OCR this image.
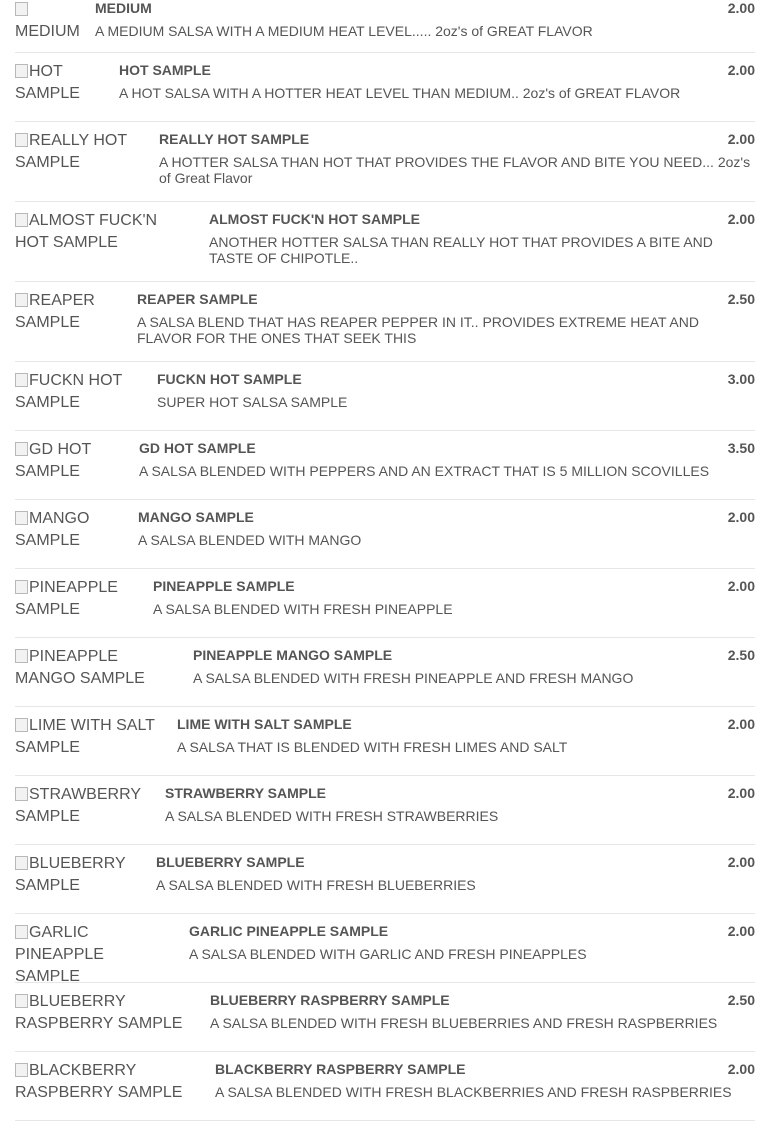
MEDIUM
MEDIUM	2.00
A MEDIUM SALSA WITH A MEDIUM HEAT LEVEL..... 2oz's of GREAT FLAVOR
HOT SAMPLE
HOT SAMPLE	2.00
A HOT SALSA WITH A HOTTER HEAT LEVEL THAN MEDIUM.. 2oz's of GREAT FLAVOR
REALLY HOT SAMPLE
REALLY HOT SAMPLE	2.00
A HOTTER SALSA THAN HOT THAT PROVIDES THE FLAVOR AND BITE YOU NEED... 2oz's of Great Flavor
ALMOST FUCK'N HOT SAMPLE
ALMOST FUCK'N HOT SAMPLE	2.00
ANOTHER HOTTER SALSA THAN REALLY HOT THAT PROVIDES A BITE AND TASTE OF CHIPOTLE..
REAPER SAMPLE
REAPER SAMPLE	2.50
A SALSA BLEND THAT HAS REAPER PEPPER IN IT.. PROVIDES EXTREME HEAT AND FLAVOR FOR THE ONES THAT SEEK THIS
FUCKN HOT SAMPLE
FUCKN HOT SAMPLE	3.00
SUPER HOT SALSA SAMPLE
GD HOT SAMPLE
GD HOT SAMPLE	3.50
A SALSA BLENDED WITH PEPPERS AND AN EXTRACT THAT IS 5 MILLION SCOVILLES
MANGO SAMPLE
MANGO SAMPLE	2.00
A SALSA BLENDED WITH MANGO
PINEAPPLE SAMPLE
PINEAPPLE SAMPLE	2.00
A SALSA BLENDED WITH FRESH PINEAPPLE
PINEAPPLE MANGO SAMPLE
PINEAPPLE MANGO SAMPLE	2.50
A SALSA BLENDED WITH FRESH PINEAPPLE AND FRESH MANGO
LIME WITH SALT SAMPLE
LIME WITH SALT SAMPLE	2.00
A SALSA THAT IS BLENDED WITH FRESH LIMES AND SALT
STRAWBERRY SAMPLE
STRAWBERRY SAMPLE	2.00
A SALSA BLENDED WITH FRESH STRAWBERRIES
BLUEBERRY SAMPLE
BLUEBERRY SAMPLE	2.00
A SALSA BLENDED WITH FRESH BLUEBERRIES
GARLIC PINEAPPLE SAMPLE
GARLIC PINEAPPLE SAMPLE	2.00
A SALSA BLENDED WITH GARLIC AND FRESH PINEAPPLES
BLUEBERRY RASPBERRY SAMPLE
BLUEBERRY RASPBERRY SAMPLE	2.50
A SALSA BLENDED WITH FRESH BLUEBERRIES AND FRESH RASPBERRIES
BLACKBERRY RASPBERRY SAMPLE
BLACKBERRY RASPBERRY SAMPLE	2.00
A SALSA BLENDED WITH FRESH BLACKBERRIES AND FRESH RASPBERRIES
